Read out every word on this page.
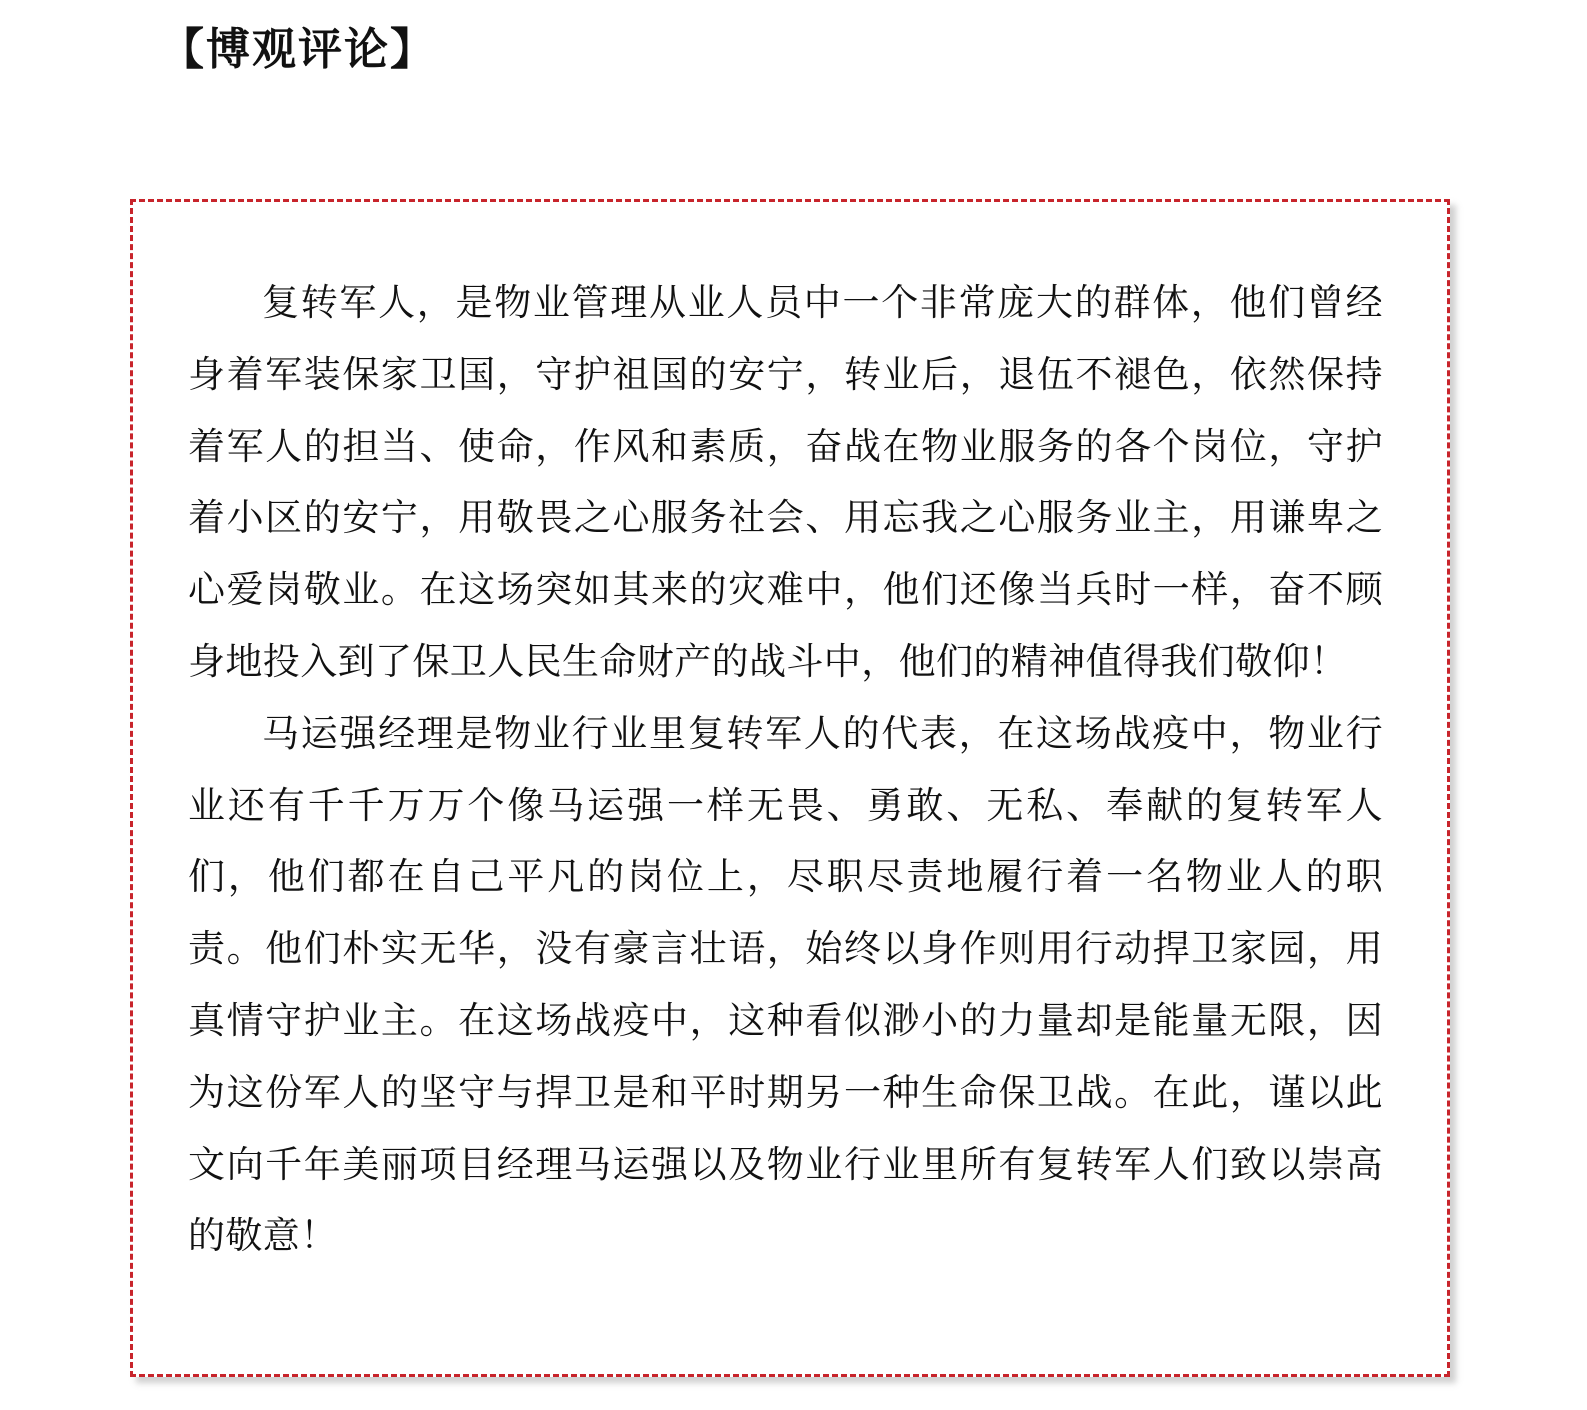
【博观评论】

复转军人，是物业管理从业人员中一个非常庞大的群体，他们曾经身着军装保家卫国，守护祖国的安宁，转业后，退伍不褪色，依然保持着军人的担当、使命，作风和素质，奋战在物业服务的各个岗位，守护着小区的安宁，用敬畏之心服务社会、用忘我之心服务业主，用谦卑之心爱岗敬业。在这场突如其来的灾难中，他们还像当兵时一样，奋不顾身地投入到了保卫人民生命财产的战斗中，他们的精神值得我们敬仰！

马运强经理是物业行业里复转军人的代表，在这场战疫中，物业行业还有千千万万个像马运强一样无畏、勇敢、无私、奉献的复转军人们，他们都在自己平凡的岗位上，尽职尽责地履行着一名物业人的职责。他们朴实无华，没有豪言壮语，始终以身作则用行动捍卫家园，用真情守护业主。在这场战疫中，这种看似渺小的力量却是能量无限，因为这份军人的坚守与捍卫是和平时期另一种生命保卫战。在此，谨以此文向千年美丽项目经理马运强以及物业行业里所有复转军人们致以崇高的敬意！
